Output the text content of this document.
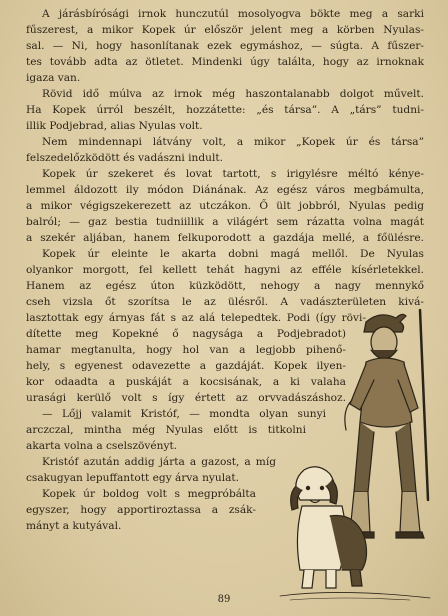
A járásbírósági irnok hunczutúl mosolyogva bökte meg a sarki
fűszerest, a mikor Kopek úr először jelent meg a körben Nyulas-
sal. — Ni, hogy hasonlítanak ezek egymáshoz, — súgta. A fűszer-
tes tovább adta az ötletet. Mindenki úgy találta, hogy az irnoknak
igaza van.
Rövid idő múlva az irnok még haszontalanabb dolgot művelt.
Ha Kopek úrról beszélt, hozzátette: „és társa”. A „társ” tudni-
illik Podjebrad, alias Nyulas volt.
Nem mindennapi látvány volt, a mikor „Kopek úr és társa”
felszedelőzködött és vadászni indult.
Kopek úr szekeret és lovat tartott, s irigylésre méltó kénye-
lemmel áldozott ily módon Diánának. Az egész város megbámulta,
a mikor végigszekerezett az utczákon. Ő ült jobbról, Nyulas pedig
balról; — gaz bestia tudniillik a világért sem rázatta volna magát
a szekér aljában, hanem felkuporodott a gazdája mellé, a főülésre.
Kopek úr eleinte le akarta dobni magá mellől. De Nyulas
olyankor morgott, fel kellett tehát hagyni az efféle kísérletekkel.
Hanem az egész úton küzködött, nehogy a nagy mennykő
cseh vizsla őt szorítsa le az ülésről. A vadászterületen kivá-
lasztottak egy árnyas fát s az alá telepedtek. Podi (így rövi-
dítette meg Kopekné ő nagysága a Podjebradot)
hamar megtanulta, hogy hol van a legjobb pihenő-
hely, s egyenest odavezette a gazdáját. Kopek ilyen-
kor odaadta a puskáját a kocsisának, a ki valaha
urasági kerülő volt s így értett az orvvadászáshoz.
— Lőjj valamit Kristóf, — mondta olyan sunyi
arczczal, mintha még Nyulas előtt is titkolni
akarta volna a cselszövényt.
Kristóf azután addig járta a gazost, a míg
csakugyan lepuffantott egy árva nyulat.
Kopek úr boldog volt s megpróbálta
egyszer, hogy apportiroztassa a zsák-
mányt a kutyával.
89
